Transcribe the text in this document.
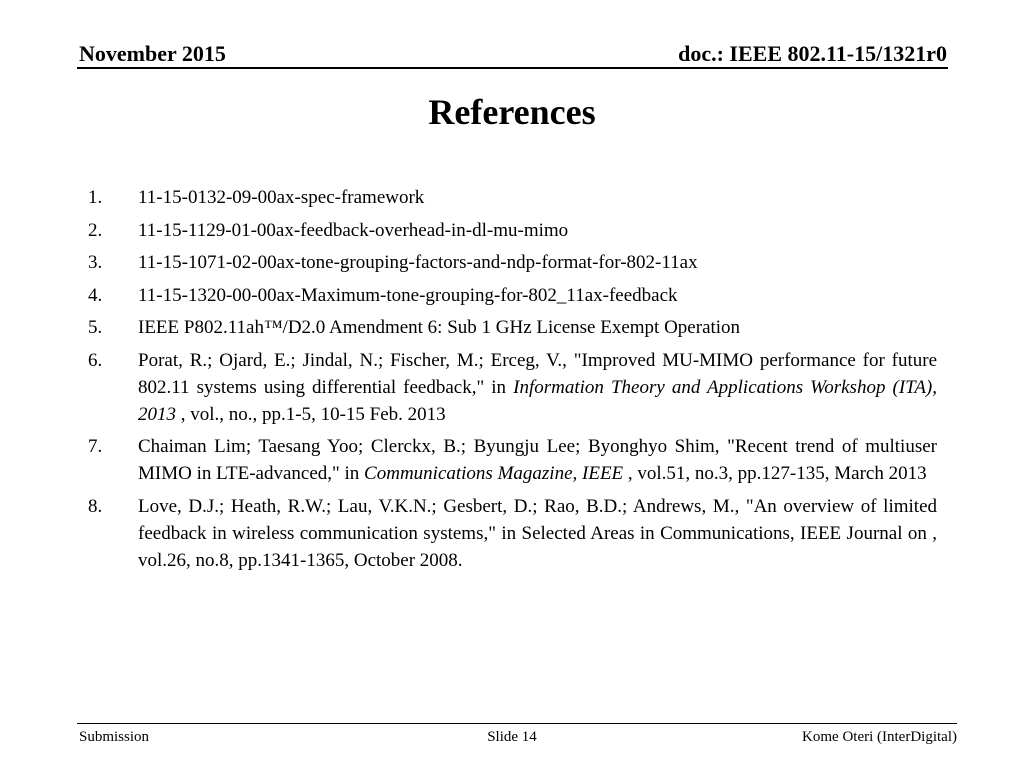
November 2015	doc.: IEEE 802.11-15/1321r0
References
1. 11-15-0132-09-00ax-spec-framework
2. 11-15-1129-01-00ax-feedback-overhead-in-dl-mu-mimo
3. 11-15-1071-02-00ax-tone-grouping-factors-and-ndp-format-for-802-11ax
4. 11-15-1320-00-00ax-Maximum-tone-grouping-for-802_11ax-feedback
5. IEEE P802.11ah™/D2.0 Amendment 6: Sub 1 GHz License Exempt Operation
6. Porat, R.; Ojard, E.; Jindal, N.; Fischer, M.; Erceg, V., "Improved MU-MIMO performance for future 802.11 systems using differential feedback," in Information Theory and Applications Workshop (ITA), 2013 , vol., no., pp.1-5, 10-15 Feb. 2013
7. Chaiman Lim; Taesang Yoo; Clerckx, B.; Byungju Lee; Byonghyo Shim, "Recent trend of multiuser MIMO in LTE-advanced," in Communications Magazine, IEEE , vol.51, no.3, pp.127-135, March 2013
8. Love, D.J.; Heath, R.W.; Lau, V.K.N.; Gesbert, D.; Rao, B.D.; Andrews, M., "An overview of limited feedback in wireless communication systems," in Selected Areas in Communications, IEEE Journal on , vol.26, no.8, pp.1341-1365, October 2008.
Submission	Slide 14	Kome Oteri (InterDigital)
